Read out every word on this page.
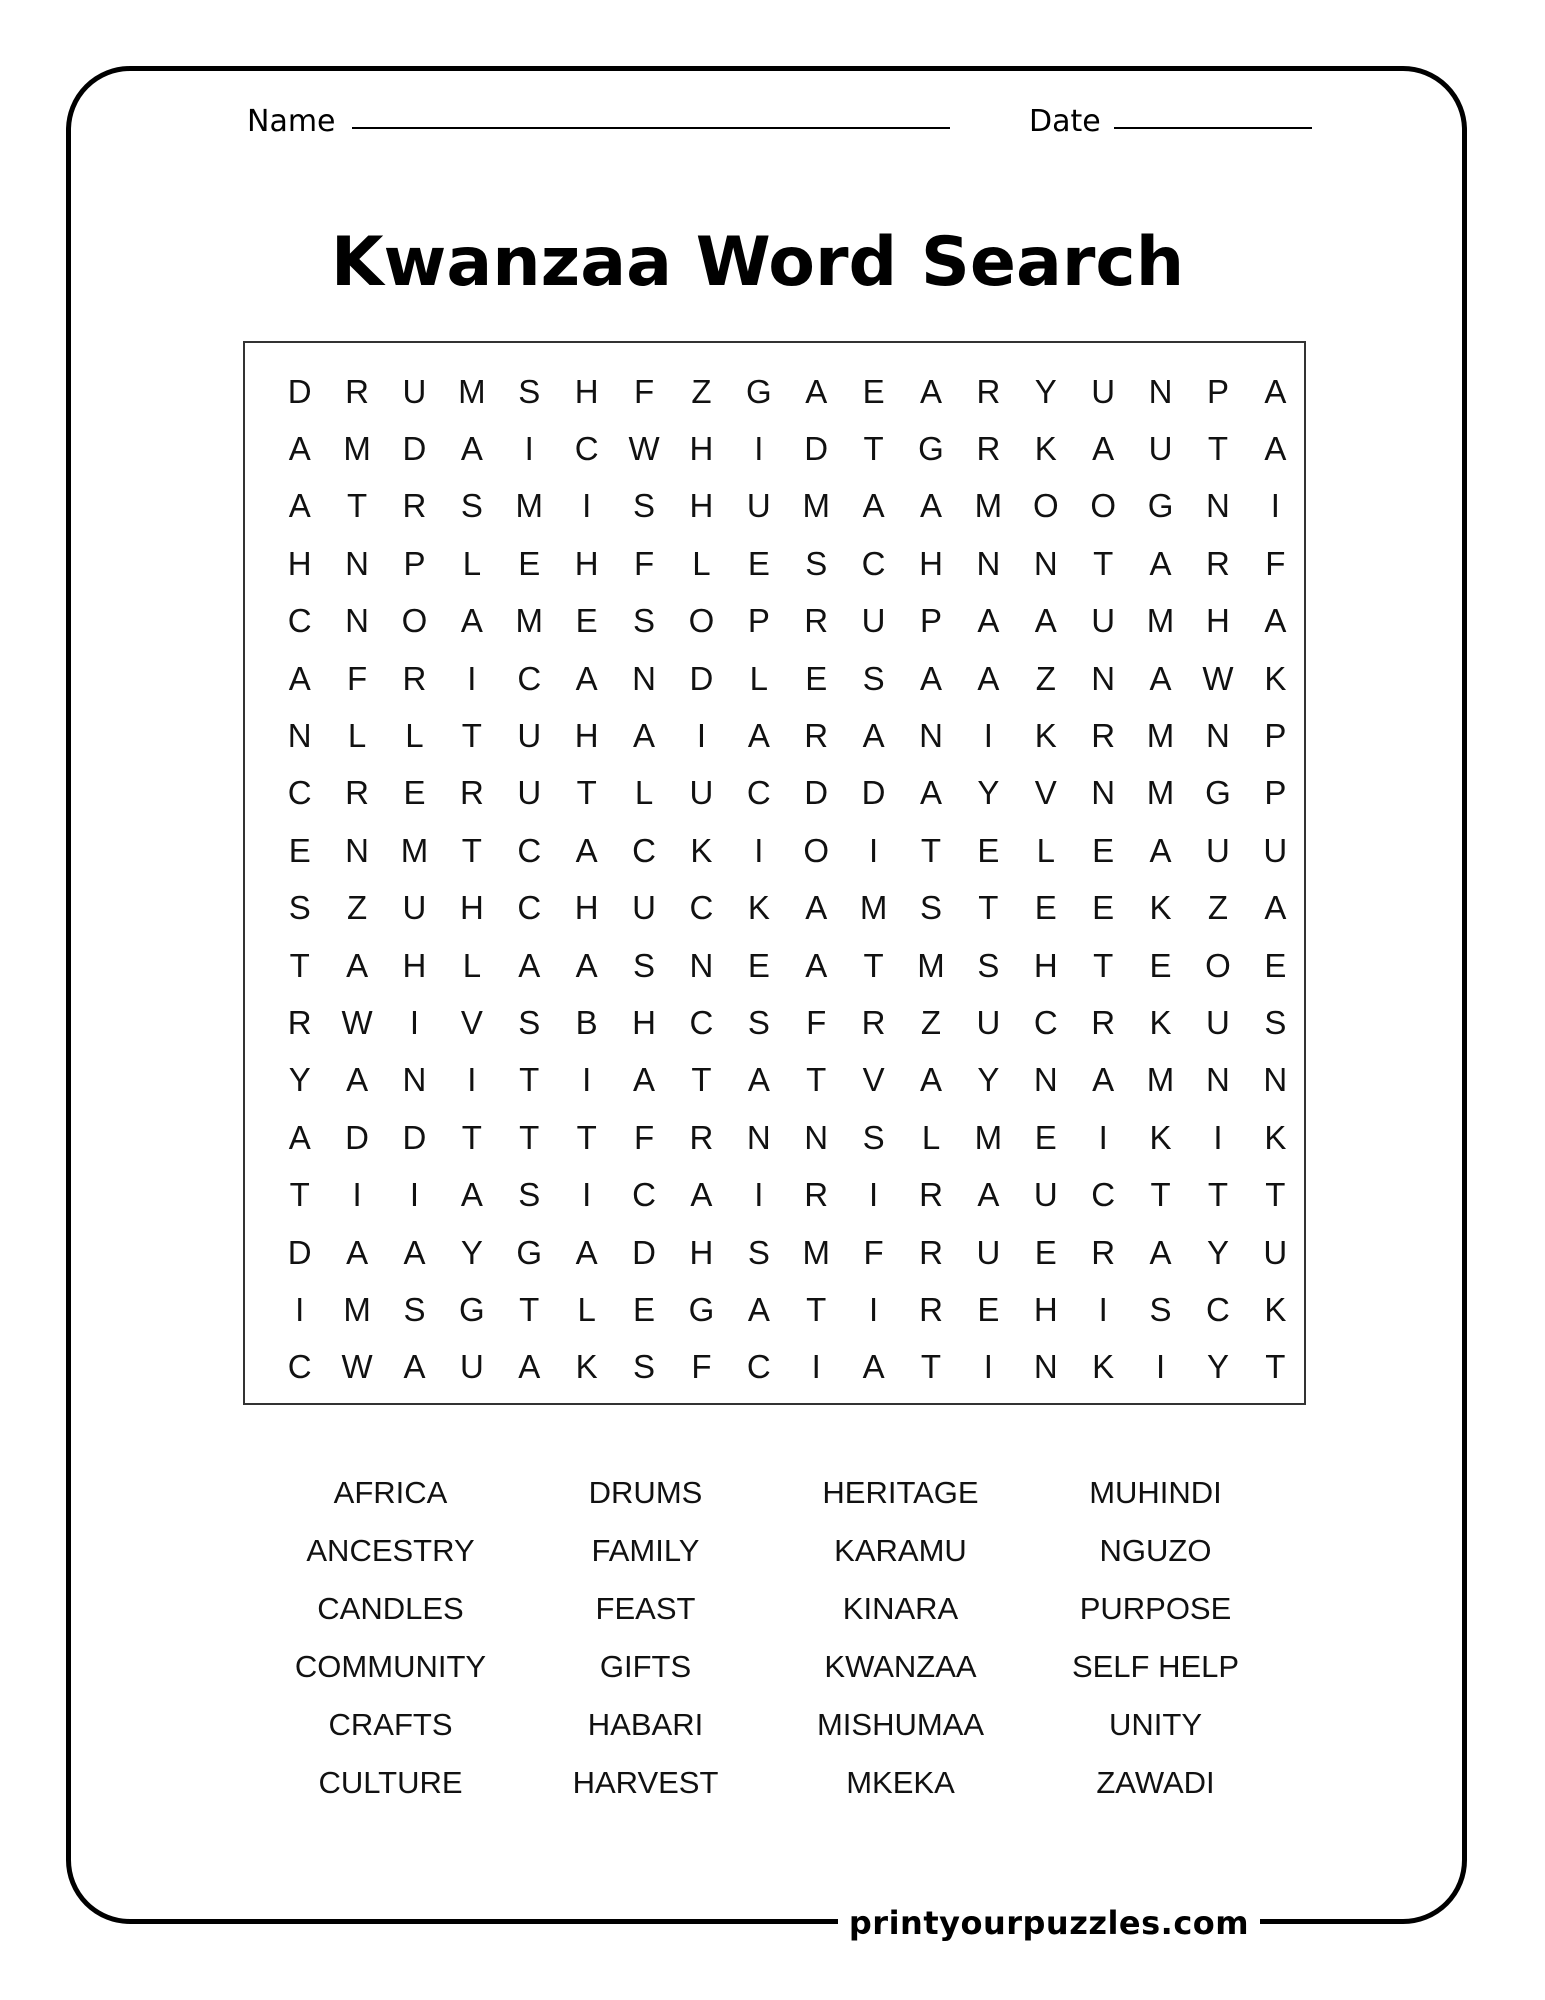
printyourpuzzles.com
Name	Date
Kwanzaa Word Search
D	R	U M S	H	F	Z	G	A	E	A	R	Y	U	N	P	A
A M D	A	I	C W H	I	D	T	G R	K	A	U	T	A
A	T	R	S M	I	S	H	U M A	A M O O G N	I
H	N	P	L	E	H	F	L	E	S	C	H	N	N	T	A	R	F
C	N O	A M E	S	O	P	R	U	P	A	A	U M H	A
A	F	R	I	C	A	N	D	L	E	S	A	A	Z	N	A W K
N	L	L	T	U	H	A	I	A	R	A	N	I	K	R M N	P
C	R	E	R	U	T	L	U	C	D	D	A	Y	V	N M G	P
E	N M	T	C	A	C	K	I	O	I	T	E	L	E	A	U	U
S	Z	U	H	C	H	U	C	K	A M S	T	E	E	K	Z	A
T	A	H	L	A	A	S	N	E	A	T	M S	H	T	E	O	E
R W	I	V	S	B	H	C	S	F	R	Z	U	C	R	K	U	S
Y	A	N	I	T	I	A	T	A	T	V	A	Y	N	A M N	N
A	D	D	T	T	T	F	R	N	N	S	L	M E	I	K	I	K
T	I	I	A	S	I	C	A	I	R	I	R	A	U	C	T	T	T
D	A	A	Y	G	A	D	H	S M	F	R	U	E	R	A	Y	U
I	M S	G	T	L	E	G	A	T	I	R	E	H	I	S	C	K
C W A	U	A	K	S	F	C	I	A	T	I	N	K	I	Y	T
AFRICA	DRUMS	HERITAGE	MUHINDI
ANCESTRY	FAMILY	KARAMU	NGUZO
CANDLES	FEAST	KINARA	PURPOSE
COMMUNITY	GIFTS	KWANZAA	SELF HELP
CRAFTS	HABARI	MISHUMAA	UNITY
CULTURE	HARVEST	MKEKA	ZAWADI
